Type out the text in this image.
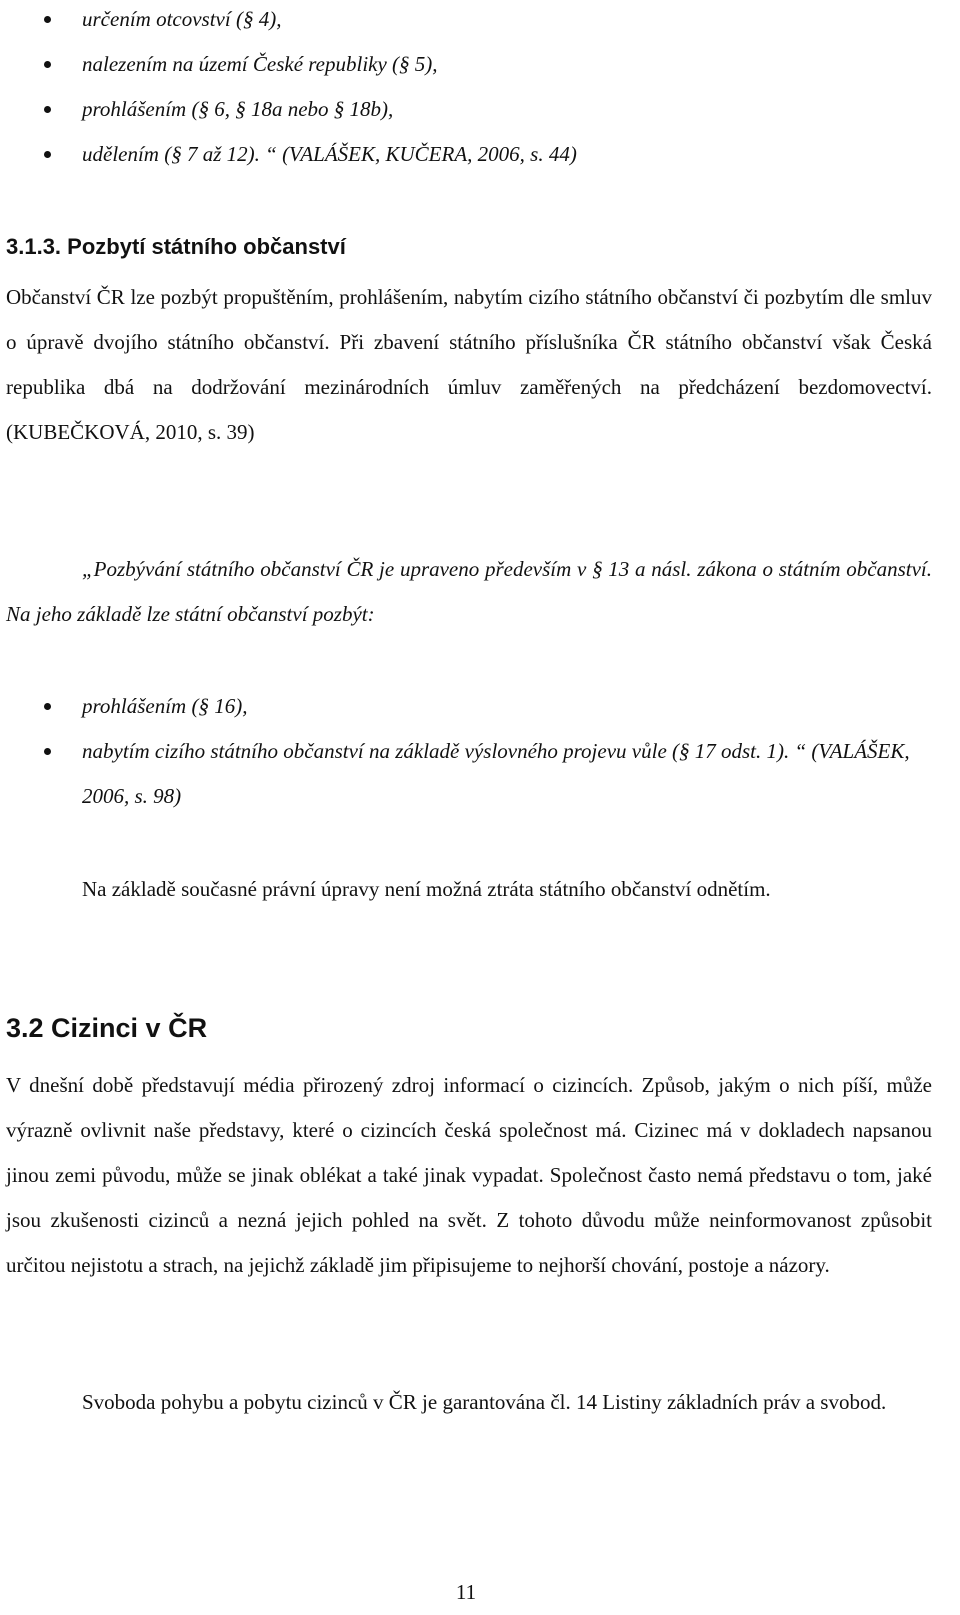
určením otcovství (§ 4),
nalezením na území České republiky (§ 5),
prohlášením (§ 6, § 18a nebo § 18b),
udělením (§ 7 až 12). “ (VALÁŠEK, KUČERA, 2006, s. 44)
3.1.3. Pozbytí státního občanství

Občanství ČR lze pozbýt propuštěním, prohlášením, nabytím cizího státního občanství či pozbytím dle smluv o úpravě dvojího státního občanství. Při zbavení státního příslušníka ČR státního občanství však Česká republika dbá na dodržování mezinárodních úmluv zaměřených na předcházení bezdomovectví. (KUBEČKOVÁ, 2010, s. 39)

„Pozbývání státního občanství ČR je upraveno především v § 13 a násl. zákona o státním občanství. Na jeho základě lze státní občanství pozbýt:

prohlášením (§ 16),
nabytím cizího státního občanství na základě výslovného projevu vůle (§ 17 odst. 1). “ (VALÁŠEK, 2006, s. 98)

Na základě současné právní úpravy není možná ztráta státního občanství odnětím.

3.2 Cizinci v ČR

V dnešní době představují média přirozený zdroj informací o cizincích. Způsob, jakým o nich píší, může výrazně ovlivnit naše představy, které o cizincích česká společnost má. Cizinec má v dokladech napsanou jinou zemi původu, může se jinak oblékat a také jinak vypadat. Společnost často nemá představu o tom, jaké jsou zkušenosti cizinců a nezná jejich pohled na svět. Z tohoto důvodu může neinformovanost způsobit určitou nejistotu a strach, na jejichž základě jim připisujeme to nejhorší chování, postoje a názory.

Svoboda pohybu a pobytu cizinců v ČR je garantována čl. 14 Listiny základních práv a svobod.

11
